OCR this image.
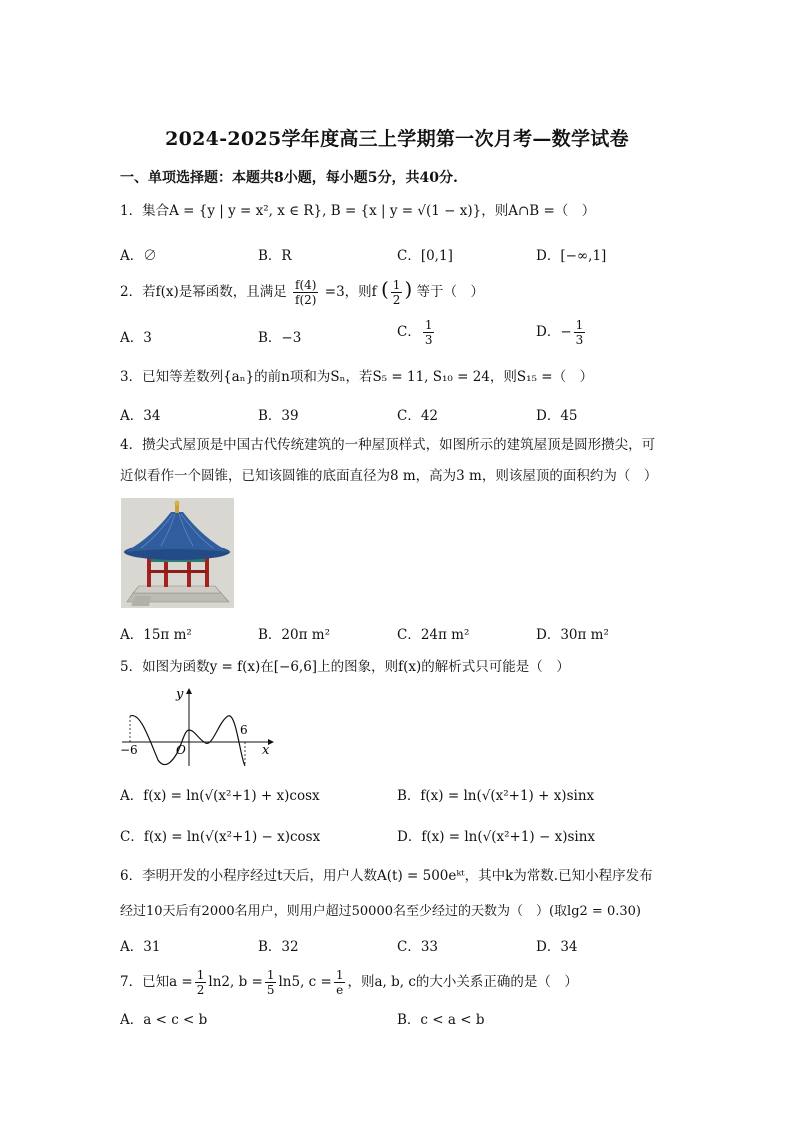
2024-2025学年度高三上学期第一次月考—数学试卷
一、单项选择题：本题共8小题，每小题5分，共40分.
1．集合A = {y | y = x², x ∈ R}, B = {x | y = √(1 − x)}，则A∩B =（　）
A．∅	B．R	C．[0,1]	D．[−∞,1]
2．若f(x)是幂函数，且满足 $\frac{f(4)}{f(2)} =3$，则f ( $\frac{1}{2}$ ) 等于（　）
A．3	B．−3	C． $\frac{1}{3}$	D．− $\frac{1}{3}$
3．已知等差数列{aₙ}的前n项和为Sₙ，若S₅ = 11, S₁₀ = 24，则S₁₅ =（　）
A．34	B．39	C．42	D．45
4．攒尖式屋顶是中国古代传统建筑的一种屋顶样式，如图所示的建筑屋顶是圆形攒尖，可
近似看作一个圆锥，已知该圆锥的底面直径为8 m，高为3 m，则该屋顶的面积约为（　）
A．15π m²	B．20π m²	C．24π m²	D．30π m²
5．如图为函数y = f(x)在[−6,6]上的图象，则f(x)的解析式只可能是（　）
y
x
O
−6
6
A．f(x) = ln(√(x²+1) + x)cosx	B．f(x) = ln(√(x²+1) + x)sinx
C．f(x) = ln(√(x²+1) − x)cosx	D．f(x) = ln(√(x²+1) − x)sinx
6．李明开发的小程序经过t天后，用户人数A(t) = 500eᵏᵗ，其中k为常数.已知小程序发布
经过10天后有2000名用户，则用户超过50000名至少经过的天数为（　）(取lg2 = 0.30)
A．31	B．32	C．33	D．34
7．已知$a = \frac{1}{2} \ln 2$, $b = \frac{1}{5} \ln 5$, $c = \frac{1}{e}$ ，则a, b, c的大小关系正确的是（　）
A．a < c < b	B．c < a < b
